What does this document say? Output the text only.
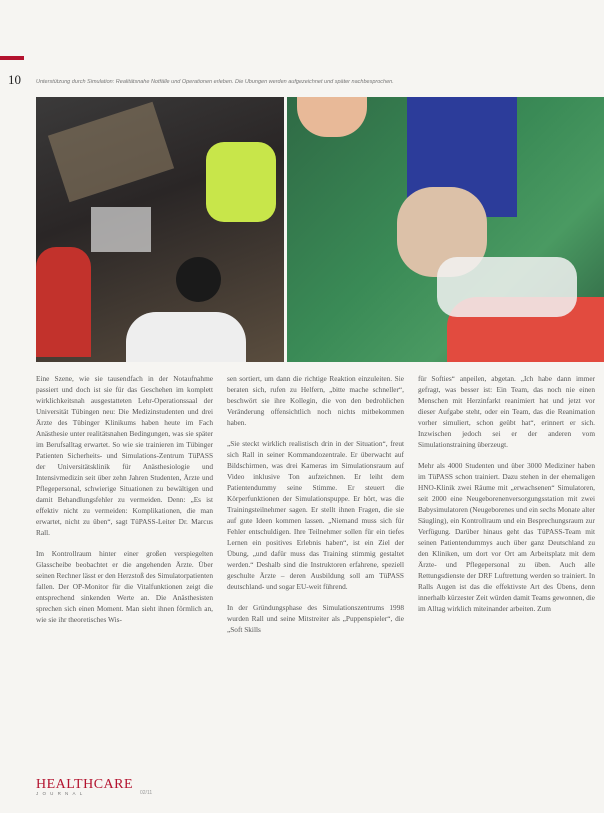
10	Unterstützung durch Simulation: Realitätsnahe Notfälle und Operationen erleben. Die Übungen werden aufgezeichnet und später nachbesprochen.

Eine Szene, wie sie tausendfach in der Notaufnahme passiert und doch ist sie für das Geschehen im komplett wirklichkeitsnah ausgestatteten Lehr-Operationssaal der Universität Tübingen neu: Die Medizinstudenten und drei Ärzte des Tübinger Klinikums haben heute im Fach Anästhesie unter realitätsnahen Bedingungen, was sie später im Berufsalltag erwartet. So wie sie trainieren im Tübinger Patienten Sicherheits- und Simulations-Zentrum TüPASS der Universitätsklinik für Anästhesiologie und Intensivmedizin seit über zehn Jahren Studenten, Ärzte und Pflegepersonal, schwierige Situationen zu bewältigen und damit Behandlungsfehler zu vermeiden. Denn: „Es ist effektiv nicht zu vermeiden: Komplikationen, die man erwartet, nicht zu üben“, sagt TüPASS-Leiter Dr. Marcus Rall.

Im Kontrollraum hinter einer großen verspiegelten Glasscheibe beobachtet er die angehenden Ärzte. Über seinen Rechner lässt er den Herzstoß des Simulatorpatienten fallen. Der OP-Monitor für die Vitalfunktionen zeigt die entsprechend sinkenden Werte an. Die Anästhesisten sprechen sich einen Moment. Man sieht ihnen förmlich an, wie sie ihr theoretisches Wis-

sen sortiert, um dann die richtige Reaktion einzuleiten. Sie beraten sich, rufen zu Helfern, „bitte mache schneller“, beschwört sie ihre Kollegin, die von den bedrohlichen Veränderung offensichtlich noch nichts mitbekommen haben.

„Sie steckt wirklich realistisch drin in der Situation“, freut sich Rall in seiner Kommandozentrale. Er überwacht auf Bildschirmen, was drei Kameras im Simulationsraum auf Video inklusive Ton aufzeichnen. Er leiht dem Patientendummy seine Stimme. Er steuert die Körperfunktionen der Simulationspuppe. Er hört, was die Trainingsteilnehmer sagen. Er stellt ihnen Fragen, die sie auf gute Ideen kommen lassen. „Niemand muss sich für Fehler entschuldigen. Ihre Teilnehmer sollen für ein tiefes Lernen ein positives Erlebnis haben“, ist ein Ziel der Übung, „und dafür muss das Training stimmig gestaltet werden.“ Deshalb sind die Instruktoren erfahrene, speziell geschulte Ärzte – deren Ausbildung soll am TüPASS deutschland- und sogar EU-weit führend.

In der Gründungsphase des Simulationszentrums 1998 wurden Rall und seine Mitstreiter als „Puppenspieler“, die „Soft Skills

für Softies“ anpeilen, abgetan. „Ich habe dann immer gefragt, was besser ist: Ein Team, das noch nie einen Menschen mit Herzinfarkt reanimiert hat und jetzt vor dieser Aufgabe steht, oder ein Team, das die Reanimation vorher simuliert, schon geübt hat“, erinnert er sich. Inzwischen jedoch sei er der anderen vom Simulationstraining überzeugt.

Mehr als 4000 Studenten und über 3000 Mediziner haben im TüPASS schon trainiert. Dazu stehen in der ehemaligen HNO-Klinik zwei Räume mit „erwachsenen“ Simulatoren, seit 2000 eine Neugeborenenversorgungsstation mit zwei Babysimulatoren (Neugeborenes und ein sechs Monate alter Säugling), ein Kontrollraum und ein Besprechungsraum zur Verfügung. Darüber hinaus geht das TüPASS-Team mit seinen Patientendummys auch über ganz Deutschland zu den Kliniken, um dort vor Ort am Arbeitsplatz mit dem Ärzte- und Pflegepersonal zu üben. Auch alle Rettungsdienste der DRF Luftrettung werden so trainiert. In Ralls Augen ist das die effektivste Art des Übens, denn innerhalb kürzester Zeit würden damit Teams gewonnen, die im Alltag wirklich miteinander arbeiten. Zum

HEALTHCARE
JOURNAL	02/11
